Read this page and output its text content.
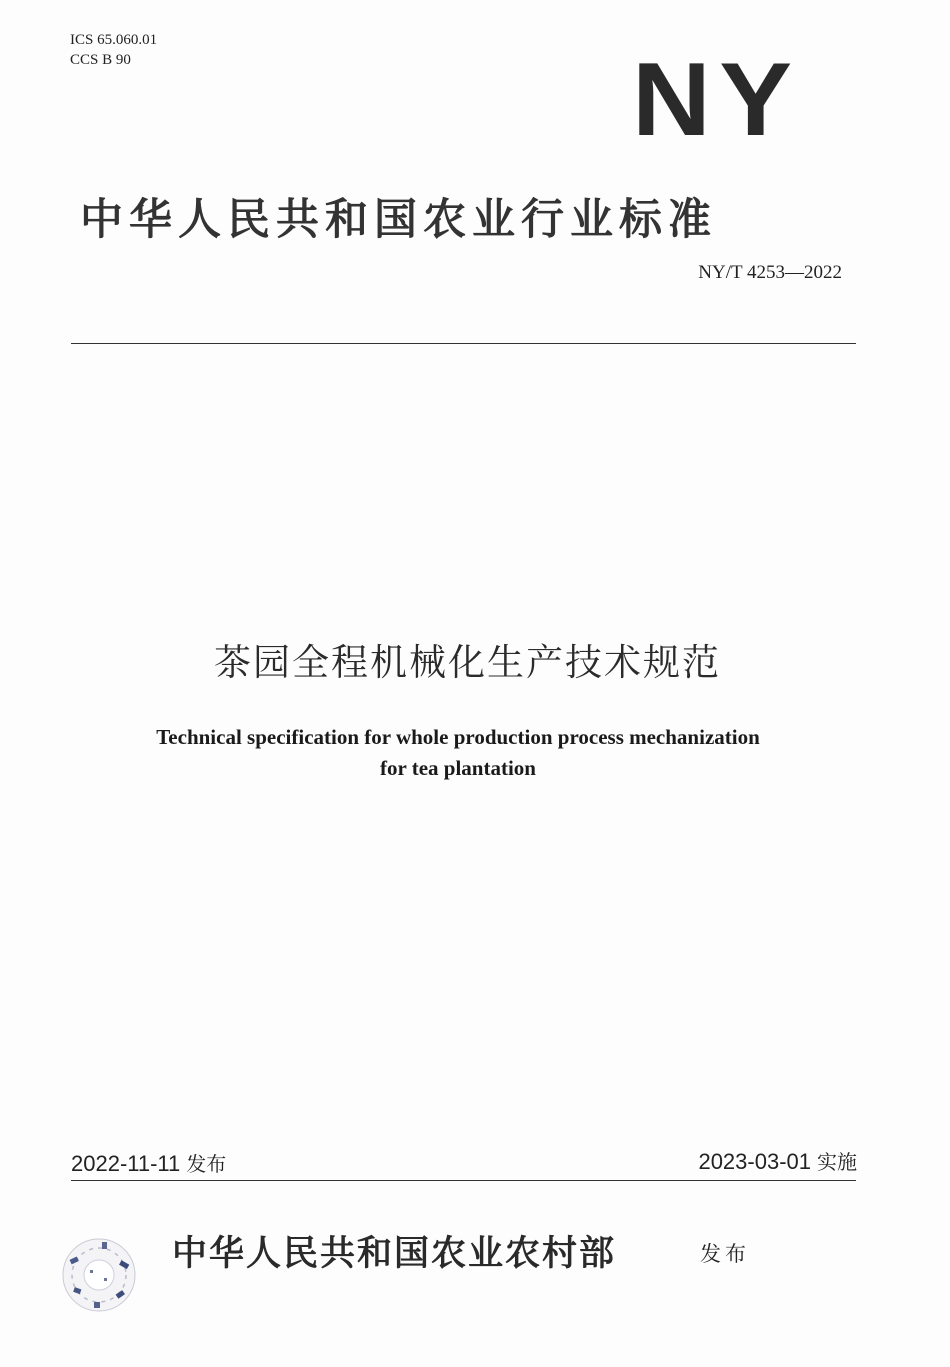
ICS 65.060.01
CCS B 90	NY
中华人民共和国农业行业标准
NY/T 4253—2022
茶园全程机械化生产技术规范
Technical specification for whole production process mechanization
for tea plantation
2022-11-11 发布	2023-03-01 实施
中华人民共和国农业农村部	发布
